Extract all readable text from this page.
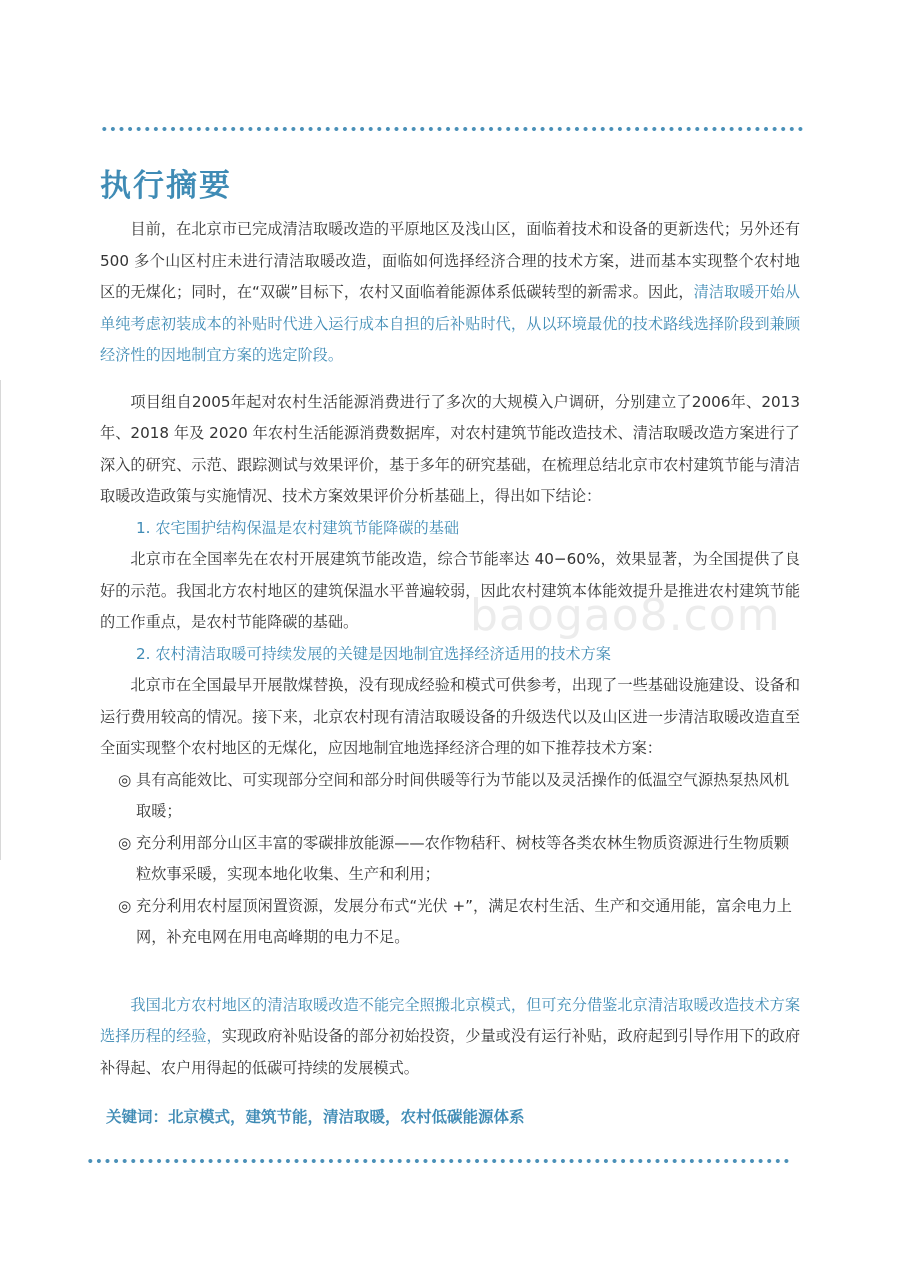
baogao8.com
执行摘要

目前，在北京市已完成清洁取暖改造的平原地区及浅山区，面临着技术和设备的更新迭代；另外还有 500 多个山区村庄未进行清洁取暖改造，面临如何选择经济合理的技术方案，进而基本实现整个农村地区的无煤化；同时，在“双碳”目标下，农村又面临着能源体系低碳转型的新需求。因此，清洁取暖开始从单纯考虑初装成本的补贴时代进入运行成本自担的后补贴时代，从以环境最优的技术路线选择阶段到兼顾经济性的因地制宜方案的选定阶段。

项目组自2005年起对农村生活能源消费进行了多次的大规模入户调研，分别建立了2006年、2013 年、2018 年及 2020 年农村生活能源消费数据库，对农村建筑节能改造技术、清洁取暖改造方案进行了深入的研究、示范、跟踪测试与效果评价，基于多年的研究基础，在梳理总结北京市农村建筑节能与清洁取暖改造政策与实施情况、技术方案效果评价分析基础上，得出如下结论：

1. 农宅围护结构保温是农村建筑节能降碳的基础

北京市在全国率先在农村开展建筑节能改造，综合节能率达 40−60%，效果显著，为全国提供了良好的示范。我国北方农村地区的建筑保温水平普遍较弱，因此农村建筑本体能效提升是推进农村建筑节能的工作重点，是农村节能降碳的基础。

2. 农村清洁取暖可持续发展的关键是因地制宜选择经济适用的技术方案

北京市在全国最早开展散煤替换，没有现成经验和模式可供参考，出现了一些基础设施建设、设备和运行费用较高的情况。接下来，北京农村现有清洁取暖设备的升级迭代以及山区进一步清洁取暖改造直至全面实现整个农村地区的无煤化，应因地制宜地选择经济合理的如下推荐技术方案：

◎ 具有高能效比、可实现部分空间和部分时间供暖等行为节能以及灵活操作的低温空气源热泵热风机取暖；
◎ 充分利用部分山区丰富的零碳排放能源——农作物秸秆、树枝等各类农林生物质资源进行生物质颗粒炊事采暖，实现本地化收集、生产和利用；
◎ 充分利用农村屋顶闲置资源，发展分布式“光伏 +”，满足农村生活、生产和交通用能，富余电力上网，补充电网在用电高峰期的电力不足。

我国北方农村地区的清洁取暖改造不能完全照搬北京模式，但可充分借鉴北京清洁取暖改造技术方案选择历程的经验，实现政府补贴设备的部分初始投资，少量或没有运行补贴，政府起到引导作用下的政府补得起、农户用得起的低碳可持续的发展模式。

关键词：北京模式，建筑节能，清洁取暖，农村低碳能源体系
